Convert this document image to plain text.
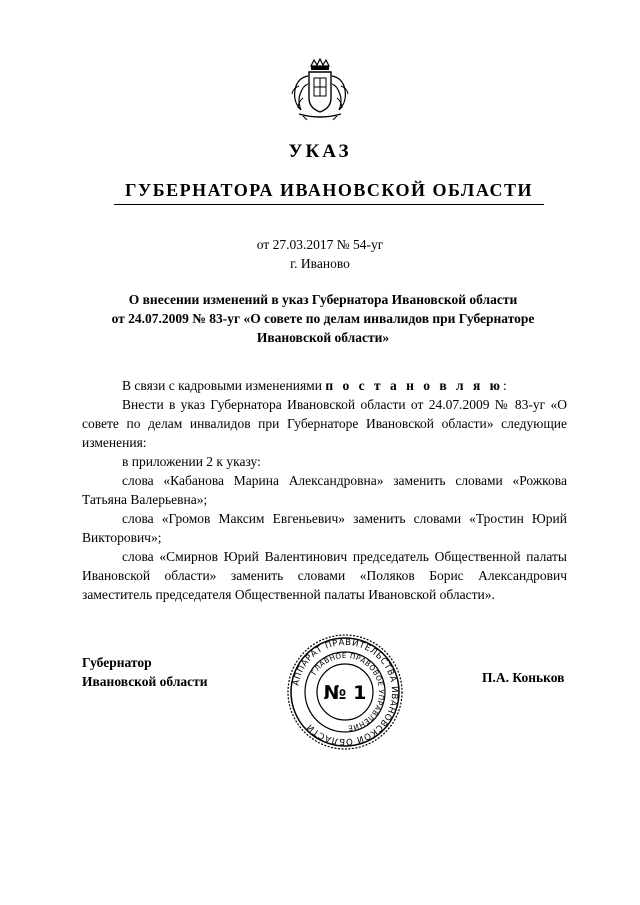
УКАЗ
ГУБЕРНАТОРА ИВАНОВСКОЙ ОБЛАСТИ
от 27.03.2017 № 54-уг
г. Иваново
О внесении изменений в указ Губернатора Ивановской области
от 24.07.2009 № 83-уг «О совете по делам инвалидов при Губернаторе
Ивановской области»

В связи с кадровыми изменениями п о с т а н о в л я ю:

Внести в указ Губернатора Ивановской области от 24.07.2009 № 83-уг «О совете по делам инвалидов при Губернаторе Ивановской области» следующие изменения:

в приложении 2 к указу:

слова «Кабанова Марина Александровна» заменить словами «Рожкова Татьяна Валерьевна»;

слова «Громов Максим Евгеньевич» заменить словами «Тростин Юрий Викторович»;

слова «Смирнов Юрий Валентинович председатель Общественной палаты Ивановской области» заменить словами «Поляков Борис Александрович заместитель председателя Общественной палаты Ивановской области».

Губернатор
Ивановской области	П.А. Коньков
АППАРАТ ПРАВИТЕЛЬСТВА ИВАНОВСКОЙ ОБЛАСТИ
ГЛАВНОЕ ПРАВОВОЕ УПРАВЛЕНИЕ
№ 1
